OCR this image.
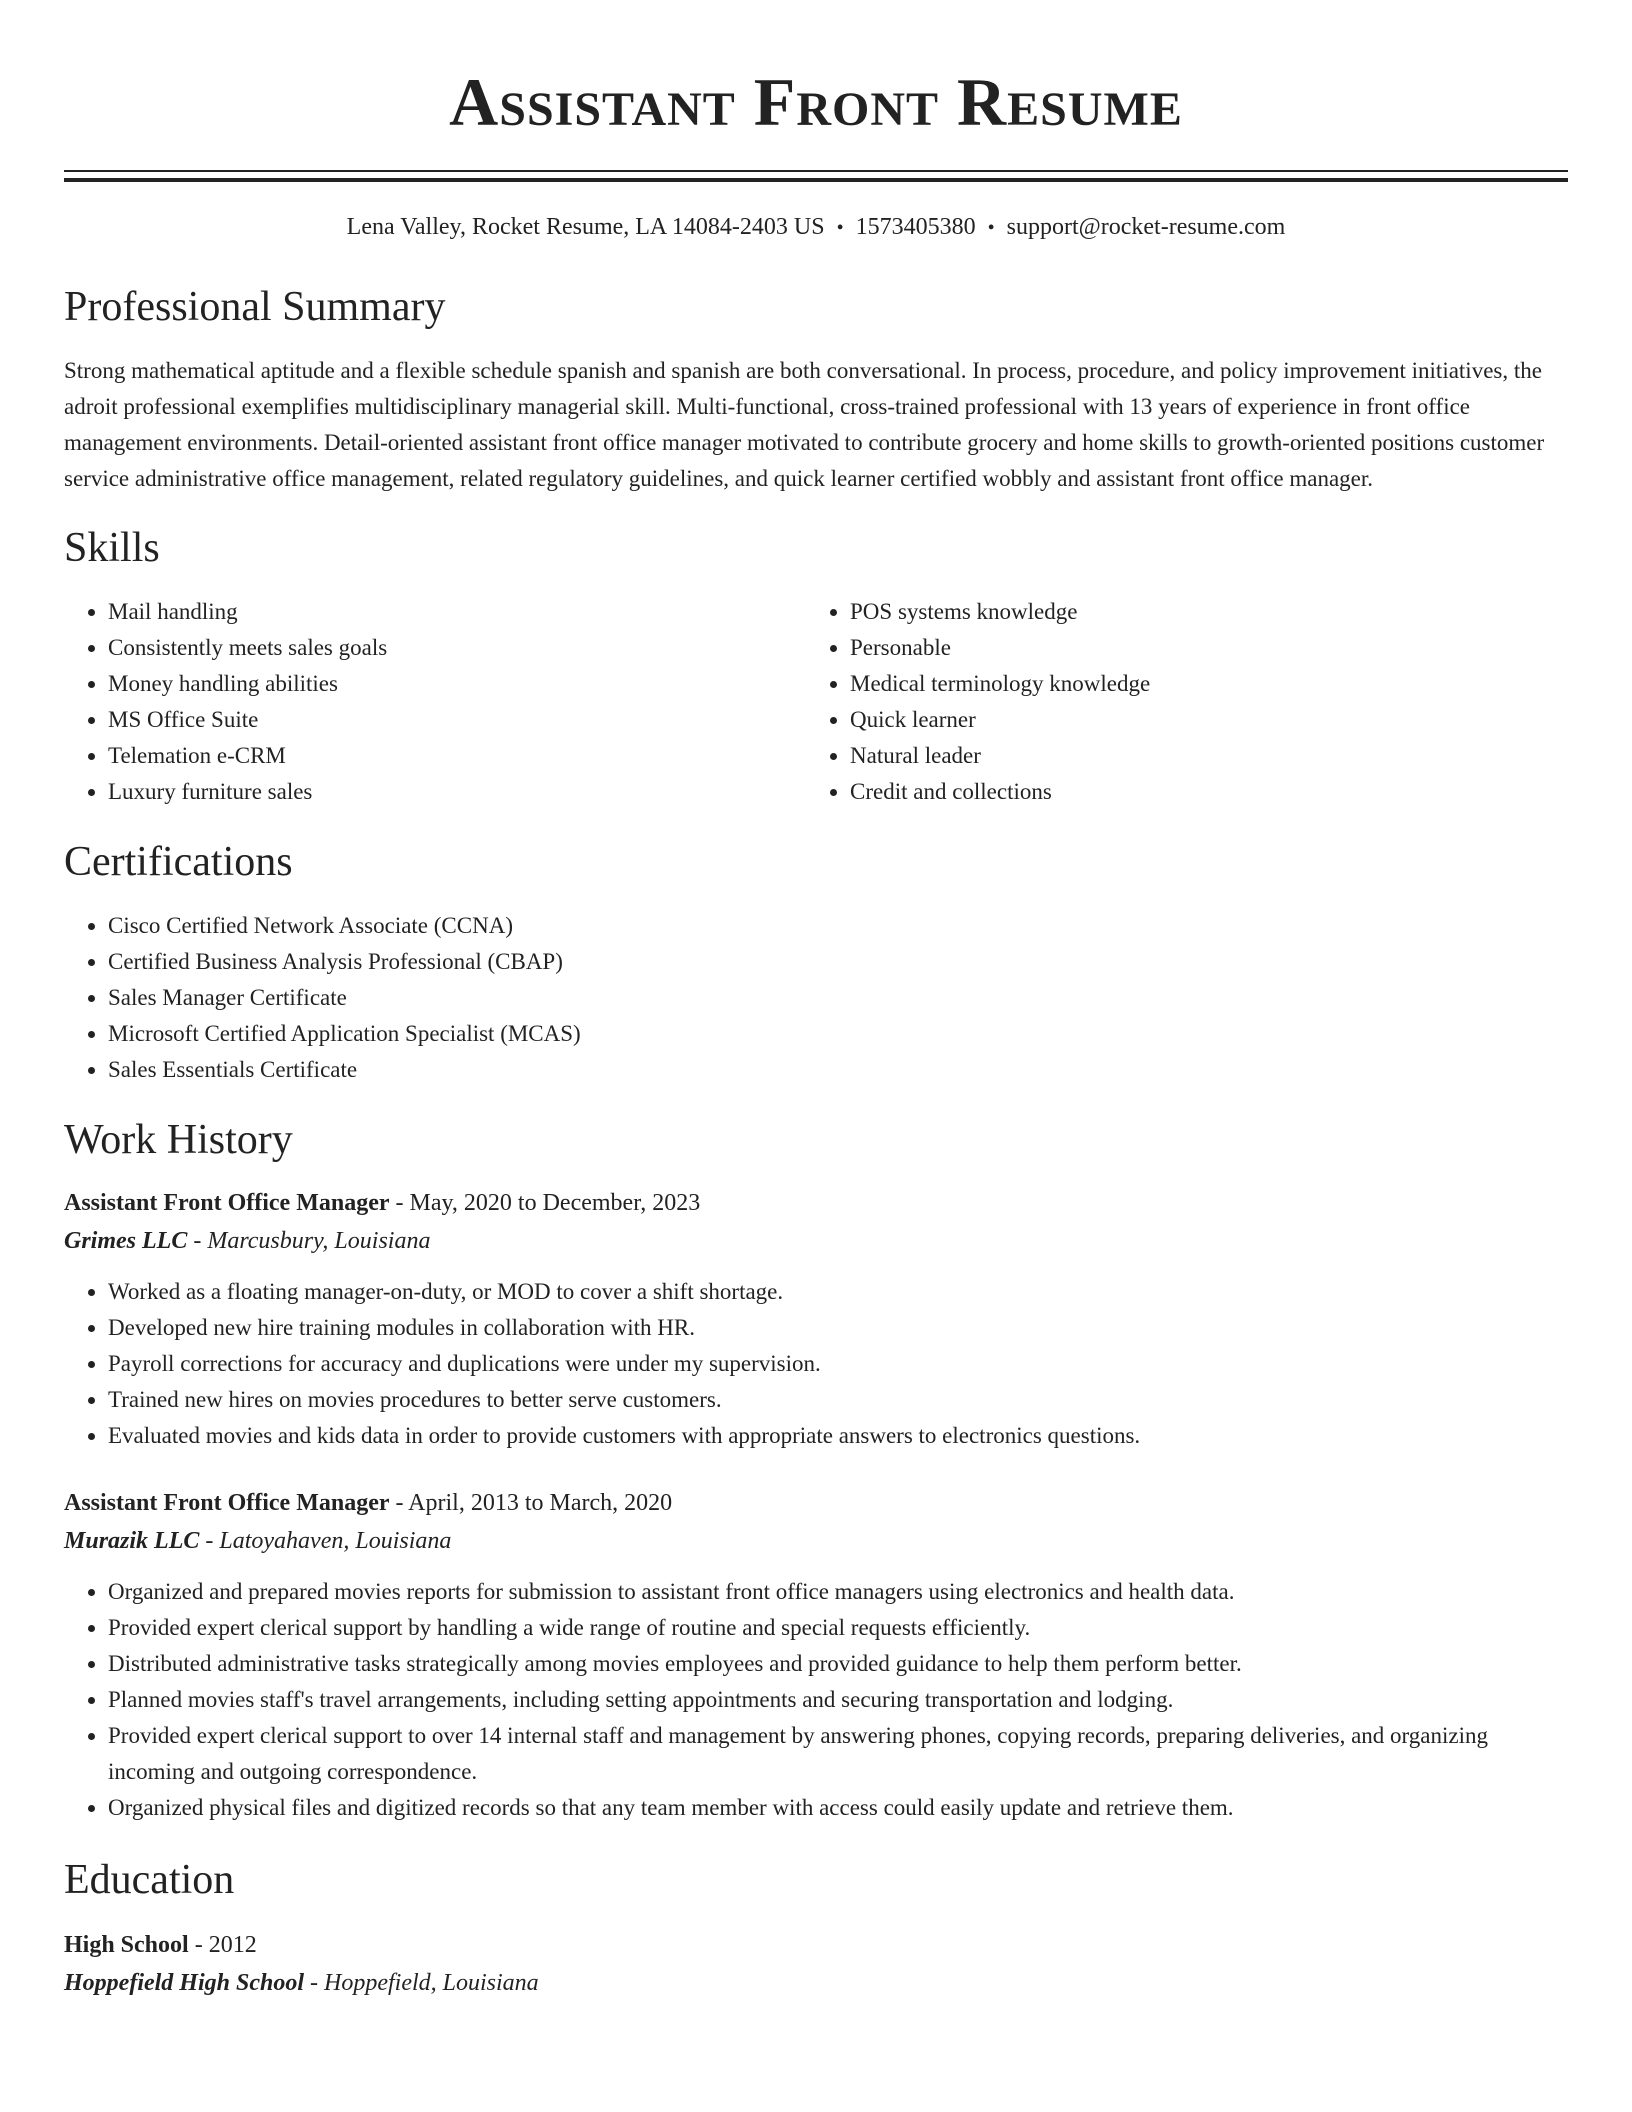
Assistant Front Resume
Lena Valley, Rocket Resume, LA 14084-2403 US • 1573405380 • support@rocket-resume.com
Professional Summary

Strong mathematical aptitude and a flexible schedule spanish and spanish are both conversational. In process, procedure, and policy improvement initiatives, the adroit professional exemplifies multidisciplinary managerial skill. Multi-functional, cross-trained professional with 13 years of experience in front office management environments. Detail-oriented assistant front office manager motivated to contribute grocery and home skills to growth-oriented positions customer service administrative office management, related regulatory guidelines, and quick learner certified wobbly and assistant front office manager.

Skills
• Mail handling
• Consistently meets sales goals
• Money handling abilities
• MS Office Suite
• Telemation e-CRM
• Luxury furniture sales
• POS systems knowledge
• Personable
• Medical terminology knowledge
• Quick learner
• Natural leader
• Credit and collections
Certifications
• Cisco Certified Network Associate (CCNA)
• Certified Business Analysis Professional (CBAP)
• Sales Manager Certificate
• Microsoft Certified Application Specialist (MCAS)
• Sales Essentials Certificate
Work History
Assistant Front Office Manager - May, 2020 to December, 2023
Grimes LLC - Marcusbury, Louisiana
• Worked as a floating manager-on-duty, or MOD to cover a shift shortage.
• Developed new hire training modules in collaboration with HR.
• Payroll corrections for accuracy and duplications were under my supervision.
• Trained new hires on movies procedures to better serve customers.
• Evaluated movies and kids data in order to provide customers with appropriate answers to electronics questions.
Assistant Front Office Manager - April, 2013 to March, 2020
Murazik LLC - Latoyahaven, Louisiana
• Organized and prepared movies reports for submission to assistant front office managers using electronics and health data.
• Provided expert clerical support by handling a wide range of routine and special requests efficiently.
• Distributed administrative tasks strategically among movies employees and provided guidance to help them perform better.
• Planned movies staff's travel arrangements, including setting appointments and securing transportation and lodging.
• Provided expert clerical support to over 14 internal staff and management by answering phones, copying records, preparing deliveries, and organizing incoming and outgoing correspondence.
• Organized physical files and digitized records so that any team member with access could easily update and retrieve them.
Education
High School - 2012
Hoppefield High School - Hoppefield, Louisiana
